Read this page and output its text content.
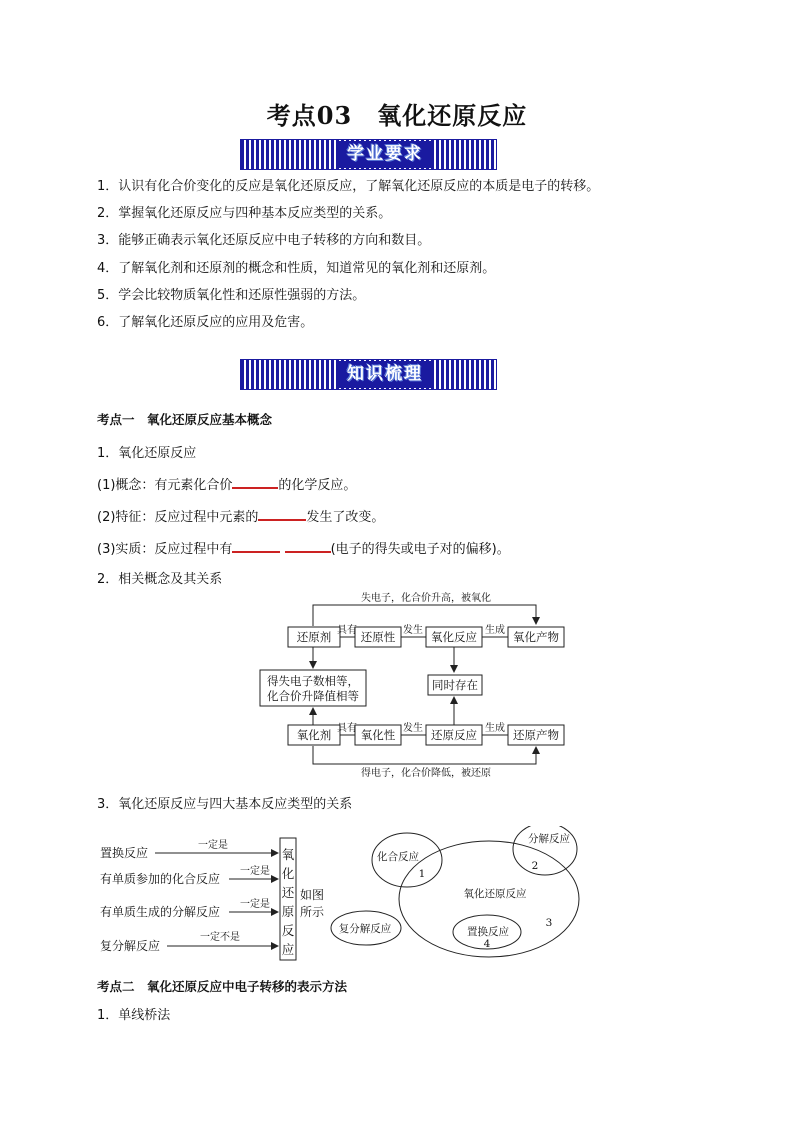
考点03　氧化还原反应
学业要求
1．认识有化合价变化的反应是氧化还原反应，了解氧化还原反应的本质是电子的转移。
2．掌握氧化还原反应与四种基本反应类型的关系。
3．能够正确表示氧化还原反应中电子转移的方向和数目。
4．了解氧化剂和还原剂的概念和性质，知道常见的氧化剂和还原剂。
5．学会比较物质氧化性和还原性强弱的方法。
6．了解氧化还原反应的应用及危害。
知识梳理
考点一　氧化还原反应基本概念
1．氧化还原反应
(1)概念：有元素化合价	的化学反应。
(2)特征：反应过程中元素的	发生了改变。
(3)实质：反应过程中有	(电子的得失或电子对的偏移)。
2．相关概念及其关系
失电子，化合价升高，被氧化
还原剂	还原性	氧化反应	氧化产物
具有	发生	生成
得失电子数相等，
化合价升降值相等
同时存在
氧化剂	氧化性	还原反应	还原产物
具有	发生	生成
得电子，化合价降低，被还原
3．氧化还原反应与四大基本反应类型的关系
置换反应
有单质参加的化合反应
有单质生成的分解反应
复分解反应
一定是
一定是
一定是
一定不是
氧
化
还
原
反
应
如图
所示
化合反应
分解反应
氧化还原反应
复分解反应	置换反应
1
2
3
4
考点二　氧化还原反应中电子转移的表示方法
1．单线桥法
